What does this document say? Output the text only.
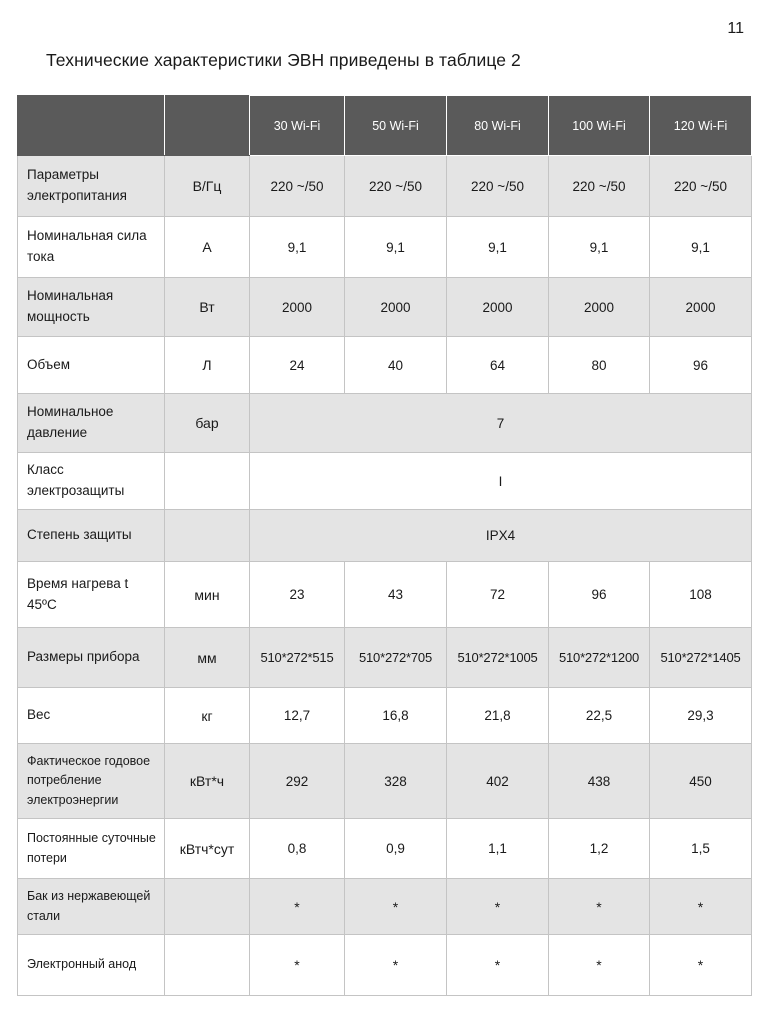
11
Технические характеристики ЭВН приведены в таблице 2
		30 Wi-Fi	50 Wi-Fi	80 Wi-Fi	100 Wi-Fi	120 Wi-Fi

Параметры электропитания	В/Гц	220 ~/50	220 ~/50	220 ~/50	220 ~/50	220 ~/50

Номинальная сила тока	А	9,1	9,1	9,1	9,1	9,1

Номинальная мощность	Вт	2000	2000	2000	2000	2000
Объем	Л	24	40	64	80	96

Номинальное давление	бар	7				

Класс электрозащиты		I				
Степень защиты		IPX4				

Время нагрева t 45ºС	мин	23	43	72	96	108
Размеры прибора	мм	510*272*515	510*272*705	510*272*1005	510*272*1200	510*272*1405
Вес	кг	12,7	16,8	21,8	22,5	29,3

Фактическое годовое потребление электроэнергии	кВт*ч	292	328	402	438	450

Постоянные суточные потери	кВтч*сут	0,8	0,9	1,1	1,2	1,5

Бак из нержавеющей стали		*	*	*	*	*
Электронный анод		*	*	*	*	*
